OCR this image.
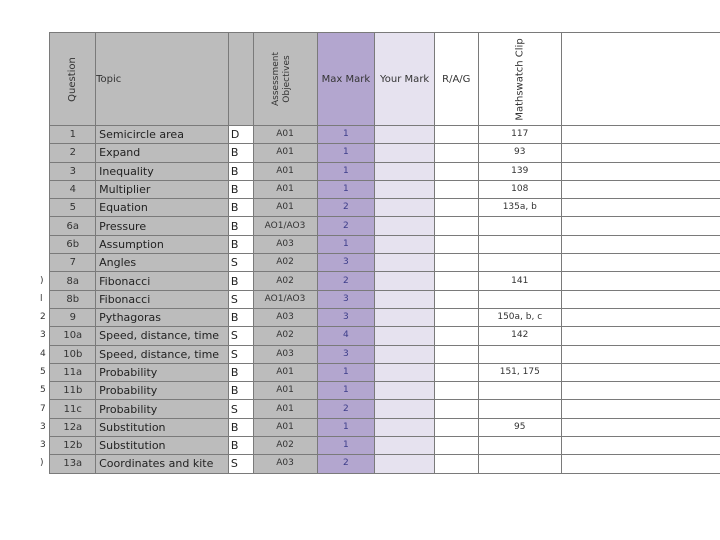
	Question	Topic		Assessment Objectives	Max Mark	Your Mark	R/A/G	Mathswatch Clip	

	1	Semicircle area	D	A01	1			117	
	2	Expand	B	A01	1			93	
	3	Inequality	B	A01	1			139	
	4	Multiplier	B	A01	1			108	
	5	Equation	B	A01	2			135a, b	
	6a	Pressure	B	AO1/AO3	2				
	6b	Assumption	B	A03	1				
	7	Angles	S	A02	3				
)	8a	Fibonacci	B	A02	2			141	
l	8b	Fibonacci	S	AO1/AO3	3				
2	9	Pythagoras	B	A03	3			150a, b, c	
3	10a	Speed, distance, time	S	A02	4			142	
4	10b	Speed, distance, time	S	A03	3				
5	11a	Probability	B	A01	1			151, 175	
5	11b	Probability	B	A01	1				
7	11c	Probability	S	A01	2				
3	12a	Substitution	B	A01	1			95	
3	12b	Substitution	B	A02	1				
)	13a	Coordinates and kite	S	A03	2				
